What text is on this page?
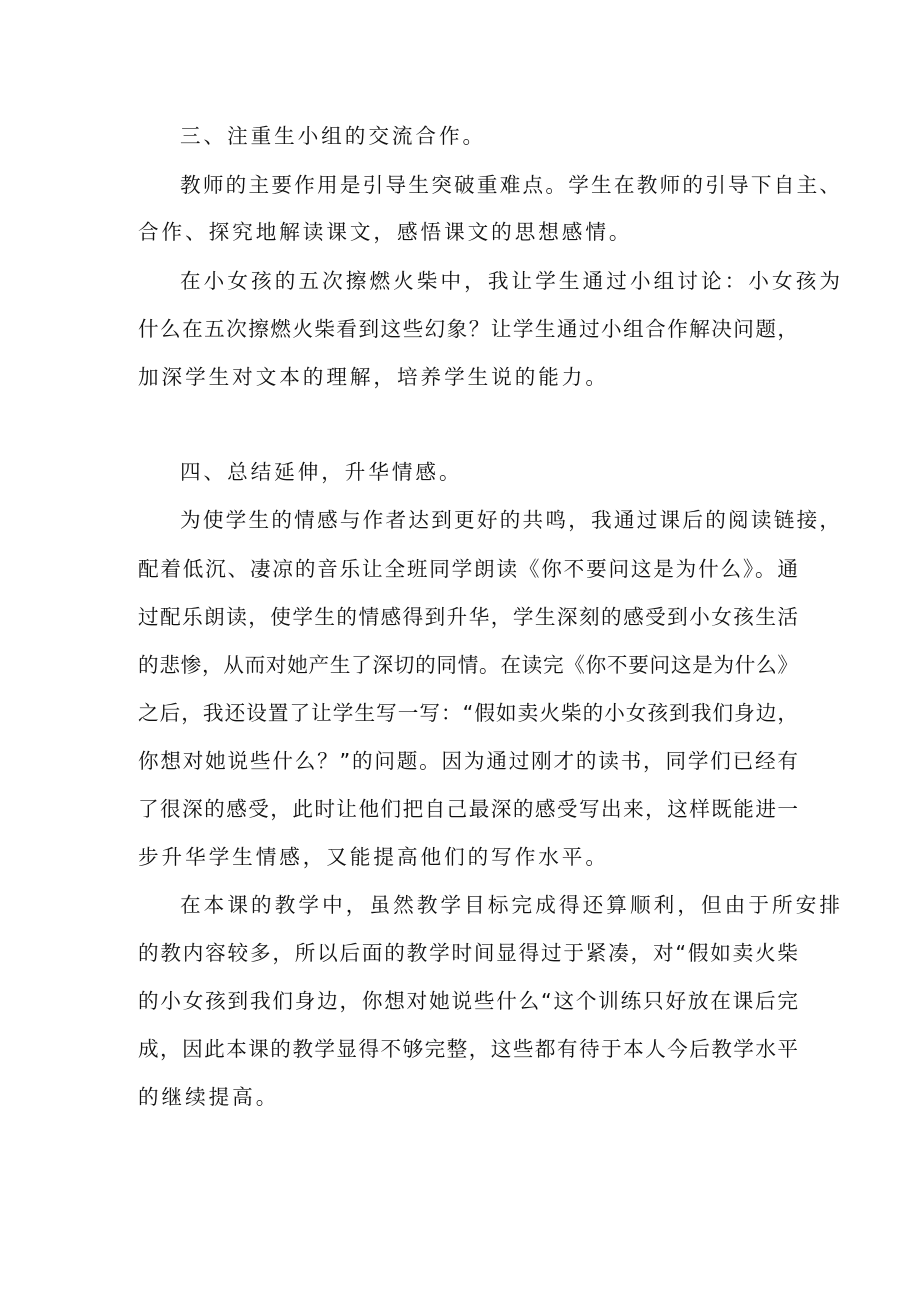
三、注重生小组的交流合作。

教师的主要作用是引导生突破重难点。学生在教师的引导下自主、

合作、探究地解读课文，感悟课文的思想感情。

在小女孩的五次擦燃火柴中，我让学生通过小组讨论：小女孩为

什么在五次擦燃火柴看到这些幻象？让学生通过小组合作解决问题，

加深学生对文本的理解，培养学生说的能力。

四、总结延伸，升华情感。

为使学生的情感与作者达到更好的共鸣，我通过课后的阅读链接，

配着低沉、凄凉的音乐让全班同学朗读《你不要问这是为什么》。通

过配乐朗读，使学生的情感得到升华，学生深刻的感受到小女孩生活

的悲惨，从而对她产生了深切的同情。在读完《你不要问这是为什么》

之后，我还设置了让学生写一写：“假如卖火柴的小女孩到我们身边，

你想对她说些什么？”的问题。因为通过刚才的读书，同学们已经有

了很深的感受，此时让他们把自己最深的感受写出来，这样既能进一

步升华学生情感，又能提高他们的写作水平。

在本课的教学中，虽然教学目标完成得还算顺利，但由于所安排

的教内容较多，所以后面的教学时间显得过于紧凑，对“假如卖火柴

的小女孩到我们身边，你想对她说些什么“这个训练只好放在课后完

成，因此本课的教学显得不够完整，这些都有待于本人今后教学水平

的继续提高。
